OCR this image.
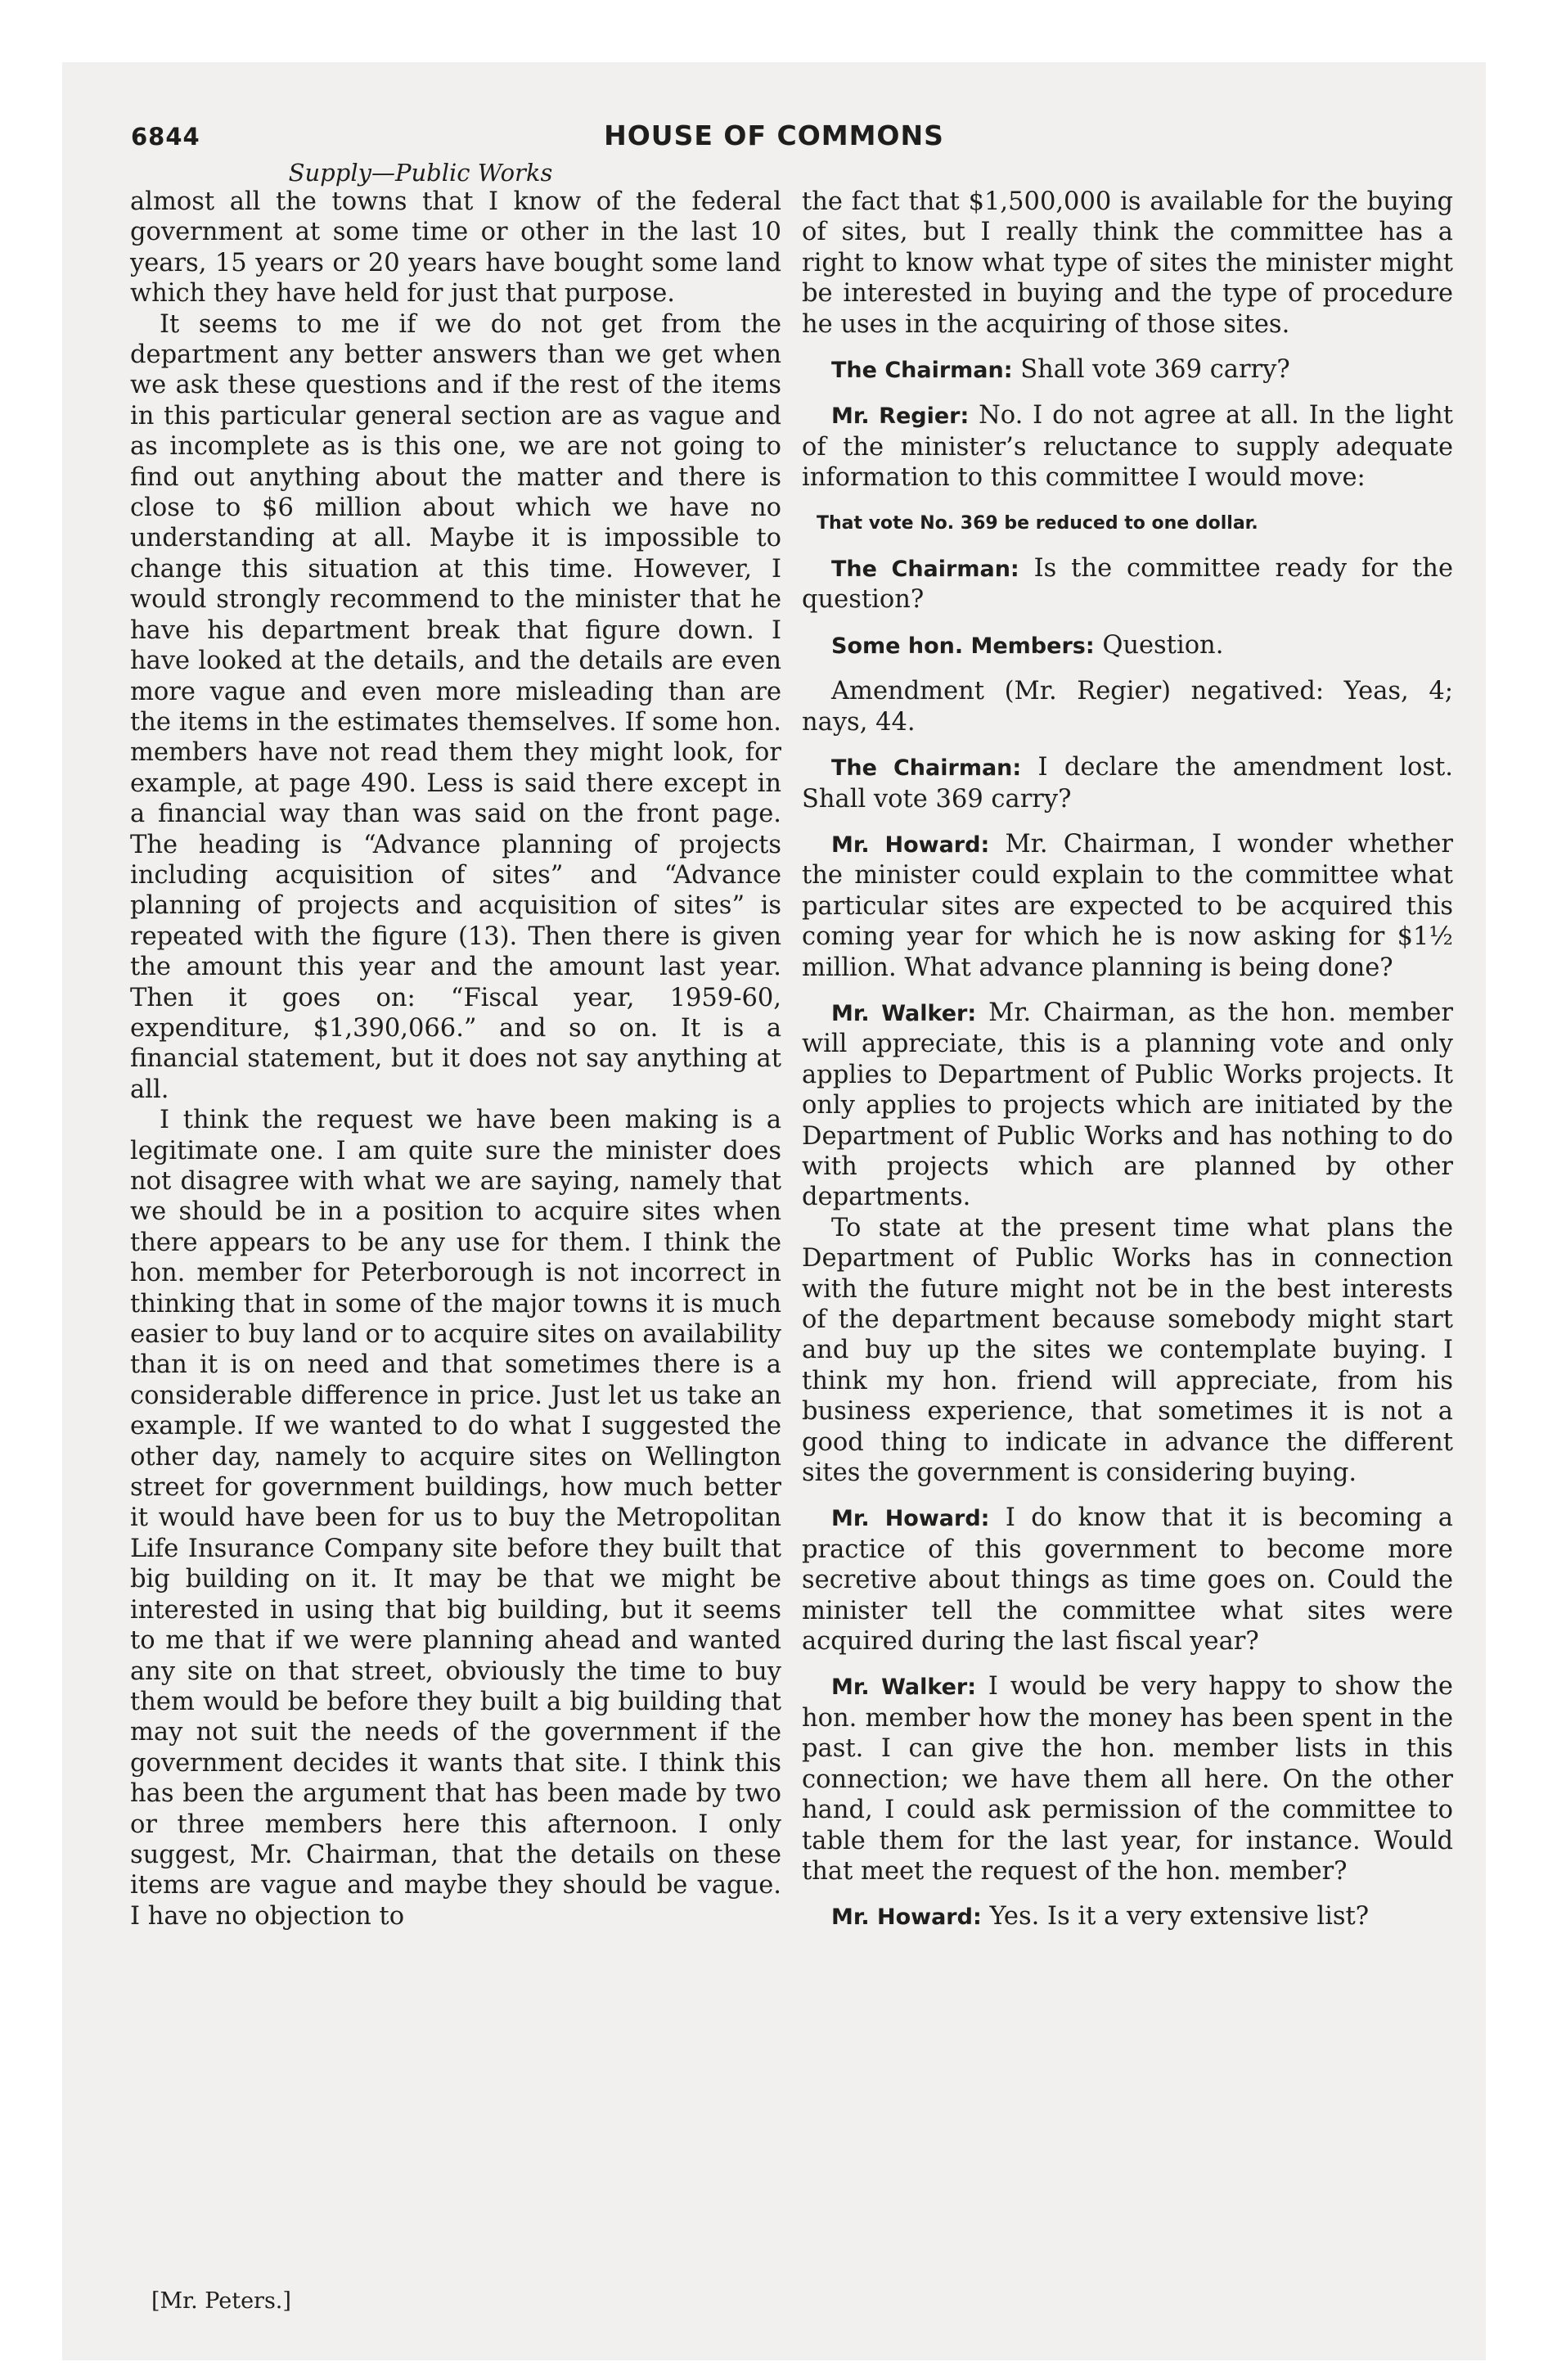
6844	HOUSE OF COMMONS

Supply—Public Works

almost all the towns that I know of the federal government at some time or other in the last 10 years, 15 years or 20 years have bought some land which they have held for just that purpose.

It seems to me if we do not get from the department any better answers than we get when we ask these questions and if the rest of the items in this particular general section are as vague and as incomplete as is this one, we are not going to find out anything about the matter and there is close to $6 million about which we have no understanding at all. Maybe it is impossible to change this situation at this time. However, I would strongly recommend to the minister that he have his department break that figure down. I have looked at the details, and the details are even more vague and even more misleading than are the items in the estimates themselves. If some hon. members have not read them they might look, for example, at page 490. Less is said there except in a financial way than was said on the front page. The heading is “Advance planning of projects including acquisition of sites” and “Advance planning of projects and acquisition of sites” is repeated with the figure (13). Then there is given the amount this year and the amount last year. Then it goes on: “Fiscal year, 1959-60, expenditure, $1,390,066.” and so on. It is a financial statement, but it does not say anything at all.

I think the request we have been making is a legitimate one. I am quite sure the minister does not disagree with what we are saying, namely that we should be in a position to acquire sites when there appears to be any use for them. I think the hon. member for Peterborough is not incorrect in thinking that in some of the major towns it is much easier to buy land or to acquire sites on availability than it is on need and that sometimes there is a considerable difference in price. Just let us take an example. If we wanted to do what I suggested the other day, namely to acquire sites on Wellington street for government buildings, how much better it would have been for us to buy the Metropolitan Life Insurance Company site before they built that big building on it. It may be that we might be interested in using that big building, but it seems to me that if we were planning ahead and wanted any site on that street, obviously the time to buy them would be before they built a big building that may not suit the needs of the government if the government decides it wants that site. I think this has been the argument that has been made by two or three members here this afternoon. I only suggest, Mr. Chairman, that the details on these items are vague and maybe they should be vague. I have no objection to

[Mr. Peters.]

the fact that $1,500,000 is available for the buying of sites, but I really think the committee has a right to know what type of sites the minister might be interested in buying and the type of procedure he uses in the acquiring of those sites.

The Chairman: Shall vote 369 carry?

Mr. Regier: No. I do not agree at all. In the light of the minister’s reluctance to supply adequate information to this committee I would move:

That vote No. 369 be reduced to one dollar.

The Chairman: Is the committee ready for the question?

Some hon. Members: Question.

Amendment (Mr. Regier) negatived: Yeas, 4; nays, 44.

The Chairman: I declare the amendment lost. Shall vote 369 carry?

Mr. Howard: Mr. Chairman, I wonder whether the minister could explain to the committee what particular sites are expected to be acquired this coming year for which he is now asking for $1½ million. What advance planning is being done?

Mr. Walker: Mr. Chairman, as the hon. member will appreciate, this is a planning vote and only applies to Department of Public Works projects. It only applies to projects which are initiated by the Department of Public Works and has nothing to do with projects which are planned by other departments.

To state at the present time what plans the Department of Public Works has in connection with the future might not be in the best interests of the department because somebody might start and buy up the sites we contemplate buying. I think my hon. friend will appreciate, from his business experience, that sometimes it is not a good thing to indicate in advance the different sites the government is considering buying.

Mr. Howard: I do know that it is becoming a practice of this government to become more secretive about things as time goes on. Could the minister tell the committee what sites were acquired during the last fiscal year?

Mr. Walker: I would be very happy to show the hon. member how the money has been spent in the past. I can give the hon. member lists in this connection; we have them all here. On the other hand, I could ask permission of the committee to table them for the last year, for instance. Would that meet the request of the hon. member?

Mr. Howard: Yes. Is it a very extensive list?
